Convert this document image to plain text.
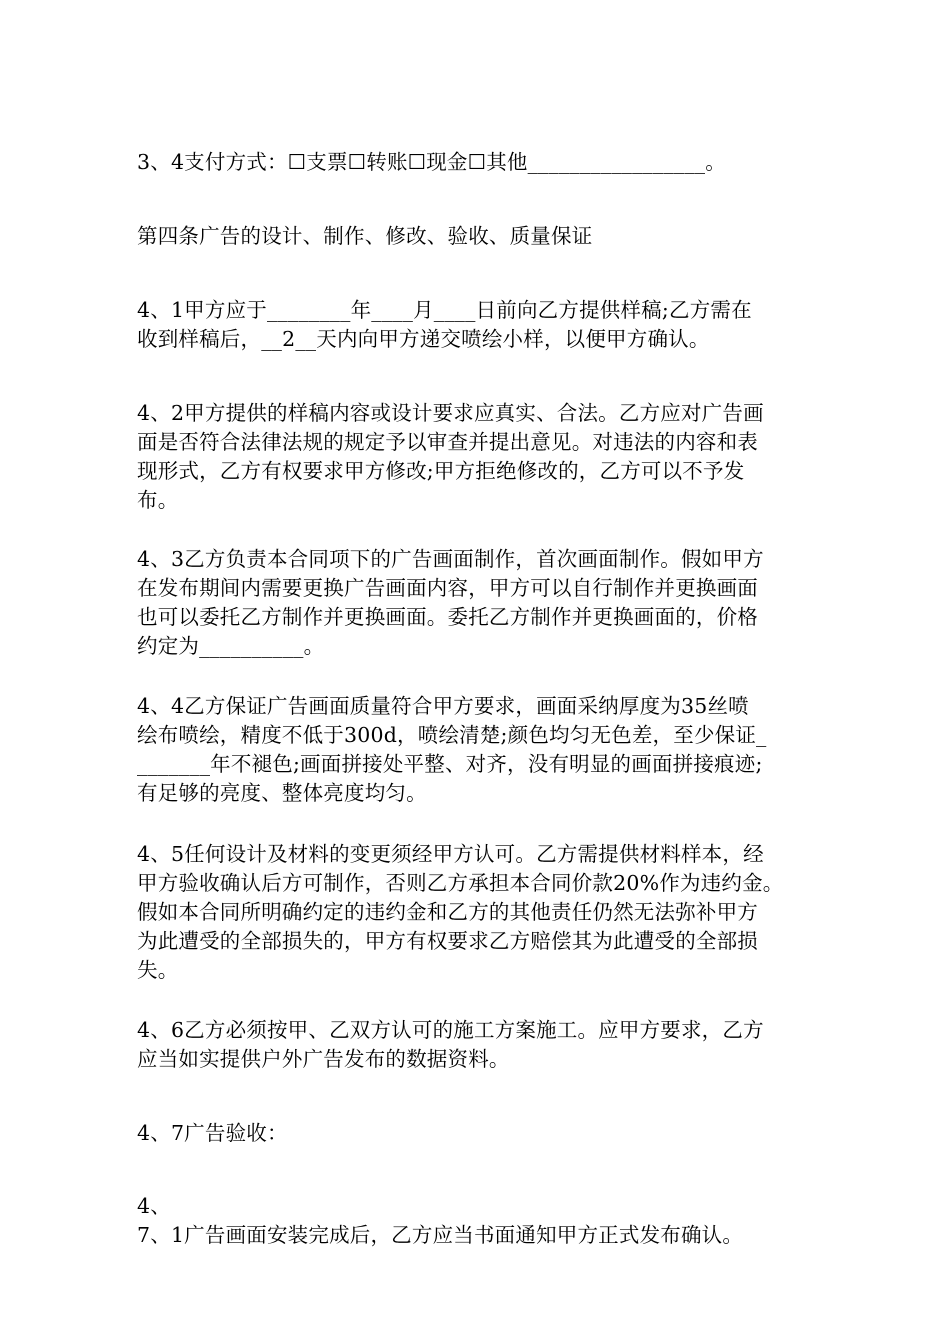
3、4支付方式：☐支票☐转账☐现金☐其他_________________。
第四条广告的设计、制作、修改、验收、质量保证
4、1甲方应于________年____月____日前向乙方提供样稿;乙方需在
收到样稿后，__2__天内向甲方递交喷绘小样，以便甲方确认。
4、2甲方提供的样稿内容或设计要求应真实、合法。乙方应对广告画
面是否符合法律法规的规定予以审查并提出意见。对违法的内容和表
现形式，乙方有权要求甲方修改;甲方拒绝修改的，乙方可以不予发
布。
4、3乙方负责本合同项下的广告画面制作，首次画面制作。假如甲方
在发布期间内需要更换广告画面内容，甲方可以自行制作并更换画面
也可以委托乙方制作并更换画面。委托乙方制作并更换画面的，价格
约定为__________。
4、4乙方保证广告画面质量符合甲方要求，画面采纳厚度为35丝喷
绘布喷绘，精度不低于300d，喷绘清楚;颜色均匀无色差，至少保证_
_______年不褪色;画面拼接处平整、对齐，没有明显的画面拼接痕迹;
有足够的亮度、整体亮度均匀。
4、5任何设计及材料的变更须经甲方认可。乙方需提供材料样本，经
甲方验收确认后方可制作，否则乙方承担本合同价款20%作为违约金。
假如本合同所明确约定的违约金和乙方的其他责任仍然无法弥补甲方
为此遭受的全部损失的，甲方有权要求乙方赔偿其为此遭受的全部损
失。
4、6乙方必须按甲、乙双方认可的施工方案施工。应甲方要求，乙方
应当如实提供户外广告发布的数据资料。
4、7广告验收：
4、
7、1广告画面安装完成后，乙方应当书面通知甲方正式发布确认。
